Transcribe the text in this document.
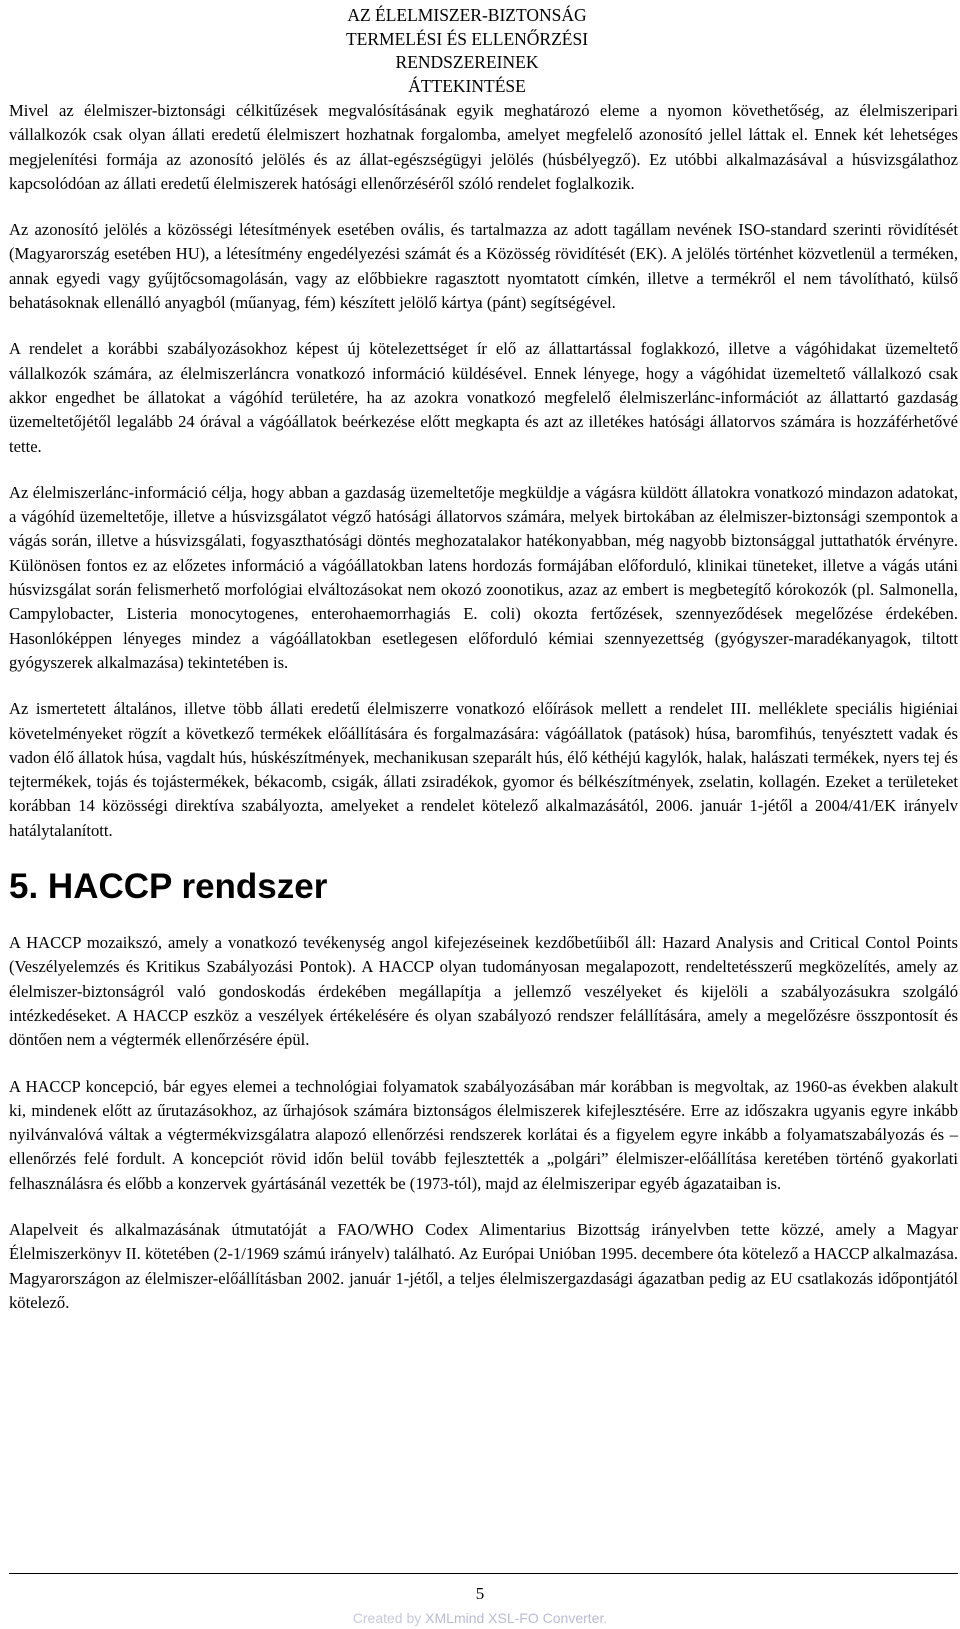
AZ ÉLELMISZER-BIZTONSÁG
TERMELÉSI ÉS ELLENŐRZÉSI
RENDSZEREINEK
ÁTTEKINTÉSE

Mivel az élelmiszer-biztonsági célkitűzések megvalósításának egyik meghatározó eleme a nyomon követhetőség, az élelmiszeripari vállalkozók csak olyan állati eredetű élelmiszert hozhatnak forgalomba, amelyet megfelelő azonosító jellel láttak el. Ennek két lehetséges megjelenítési formája az azonosító jelölés és az állat-egészségügyi jelölés (húsbélyegző). Ez utóbbi alkalmazásával a húsvizsgálathoz kapcsolódóan az állati eredetű élelmiszerek hatósági ellenőrzéséről szóló rendelet foglalkozik.

Az azonosító jelölés a közösségi létesítmények esetében ovális, és tartalmazza az adott tagállam nevének ISO-standard szerinti rövidítését (Magyarország esetében HU), a létesítmény engedélyezési számát és a Közösség rövidítését (EK). A jelölés történhet közvetlenül a terméken, annak egyedi vagy gyűjtőcsomagolásán, vagy az előbbiekre ragasztott nyomtatott címkén, illetve a termékről el nem távolítható, külső behatásoknak ellenálló anyagból (műanyag, fém) készített jelölő kártya (pánt) segítségével.

A rendelet a korábbi szabályozásokhoz képest új kötelezettséget ír elő az állattartással foglakkozó, illetve a vágóhidakat üzemeltető vállalkozók számára, az élelmiszerláncra vonatkozó információ küldésével. Ennek lényege, hogy a vágóhidat üzemeltető vállalkozó csak akkor engedhet be állatokat a vágóhíd területére, ha az azokra vonatkozó megfelelő élelmiszerlánc-információt az állattartó gazdaság üzemeltetőjétől legalább 24 órával a vágóállatok beérkezése előtt megkapta és azt az illetékes hatósági állatorvos számára is hozzáférhetővé tette.

Az élelmiszerlánc-információ célja, hogy abban a gazdaság üzemeltetője megküldje a vágásra küldött állatokra vonatkozó mindazon adatokat, a vágóhíd üzemeltetője, illetve a húsvizsgálatot végző hatósági állatorvos számára, melyek birtokában az élelmiszer-biztonsági szempontok a vágás során, illetve a húsvizsgálati, fogyaszthatósági döntés meghozatalakor hatékonyabban, még nagyobb biztonsággal juttathatók érvényre. Különösen fontos ez az előzetes információ a vágóállatokban latens hordozás formájában előforduló, klinikai tüneteket, illetve a vágás utáni húsvizsgálat során felismerhető morfológiai elváltozásokat nem okozó zoonotikus, azaz az embert is megbetegítő kórokozók (pl. Salmonella, Campylobacter, Listeria monocytogenes, enterohaemorrhagiás E. coli) okozta fertőzések, szennyeződések megelőzése érdekében. Hasonlóképpen lényeges mindez a vágóállatokban esetlegesen előforduló kémiai szennyezettség (gyógyszer-maradékanyagok, tiltott gyógyszerek alkalmazása) tekintetében is.

Az ismertetett általános, illetve több állati eredetű élelmiszerre vonatkozó előírások mellett a rendelet III. melléklete speciális higiéniai követelményeket rögzít a következő termékek előállítására és forgalmazására: vágóállatok (patások) húsa, baromfihús, tenyésztett vadak és vadon élő állatok húsa, vagdalt hús, húskészítmények, mechanikusan szeparált hús, élő kéthéjú kagylók, halak, halászati termékek, nyers tej és tejtermékek, tojás és tojástermékek, békacomb, csigák, állati zsiradékok, gyomor és bélkészítmények, zselatin, kollagén. Ezeket a területeket korábban 14 közösségi direktíva szabályozta, amelyeket a rendelet kötelező alkalmazásától, 2006. január 1-jétől a 2004/41/EK irányelv hatálytalanított.

5. HACCP rendszer

A HACCP mozaikszó, amely a vonatkozó tevékenység angol kifejezéseinek kezdőbetűiből áll: Hazard Analysis and Critical Contol Points (Veszélyelemzés és Kritikus Szabályozási Pontok). A HACCP olyan tudományosan megalapozott, rendeltetésszerű megközelítés, amely az élelmiszer-biztonságról való gondoskodás érdekében megállapítja a jellemző veszélyeket és kijelöli a szabályozásukra szolgáló intézkedéseket. A HACCP eszköz a veszélyek értékelésére és olyan szabályozó rendszer felállítására, amely a megelőzésre összpontosít és döntően nem a végtermék ellenőrzésére épül.

A HACCP koncepció, bár egyes elemei a technológiai folyamatok szabályozásában már korábban is megvoltak, az 1960-as években alakult ki, mindenek előtt az űrutazásokhoz, az űrhajósok számára biztonságos élelmiszerek kifejlesztésére. Erre az időszakra ugyanis egyre inkább nyilvánvalóvá váltak a végtermékvizsgálatra alapozó ellenőrzési rendszerek korlátai és a figyelem egyre inkább a folyamatszabályozás és –ellenőrzés felé fordult. A koncepciót rövid időn belül tovább fejlesztették a „polgári” élelmiszer-előállítása keretében történő gyakorlati felhasználásra és előbb a konzervek gyártásánál vezették be (1973-tól), majd az élelmiszeripar egyéb ágazataiban is.

Alapelveit és alkalmazásának útmutatóját a FAO/WHO Codex Alimentarius Bizottság irányelvben tette közzé, amely a Magyar Élelmiszerkönyv II. kötetében (2-1/1969 számú irányelv) található. Az Európai Unióban 1995. decembere óta kötelező a HACCP alkalmazása. Magyarországon az élelmiszer-előállításban 2002. január 1-jétől, a teljes élelmiszergazdasági ágazatban pedig az EU csatlakozás időpontjától kötelező.

5
Created by XMLmind XSL-FO Converter.
